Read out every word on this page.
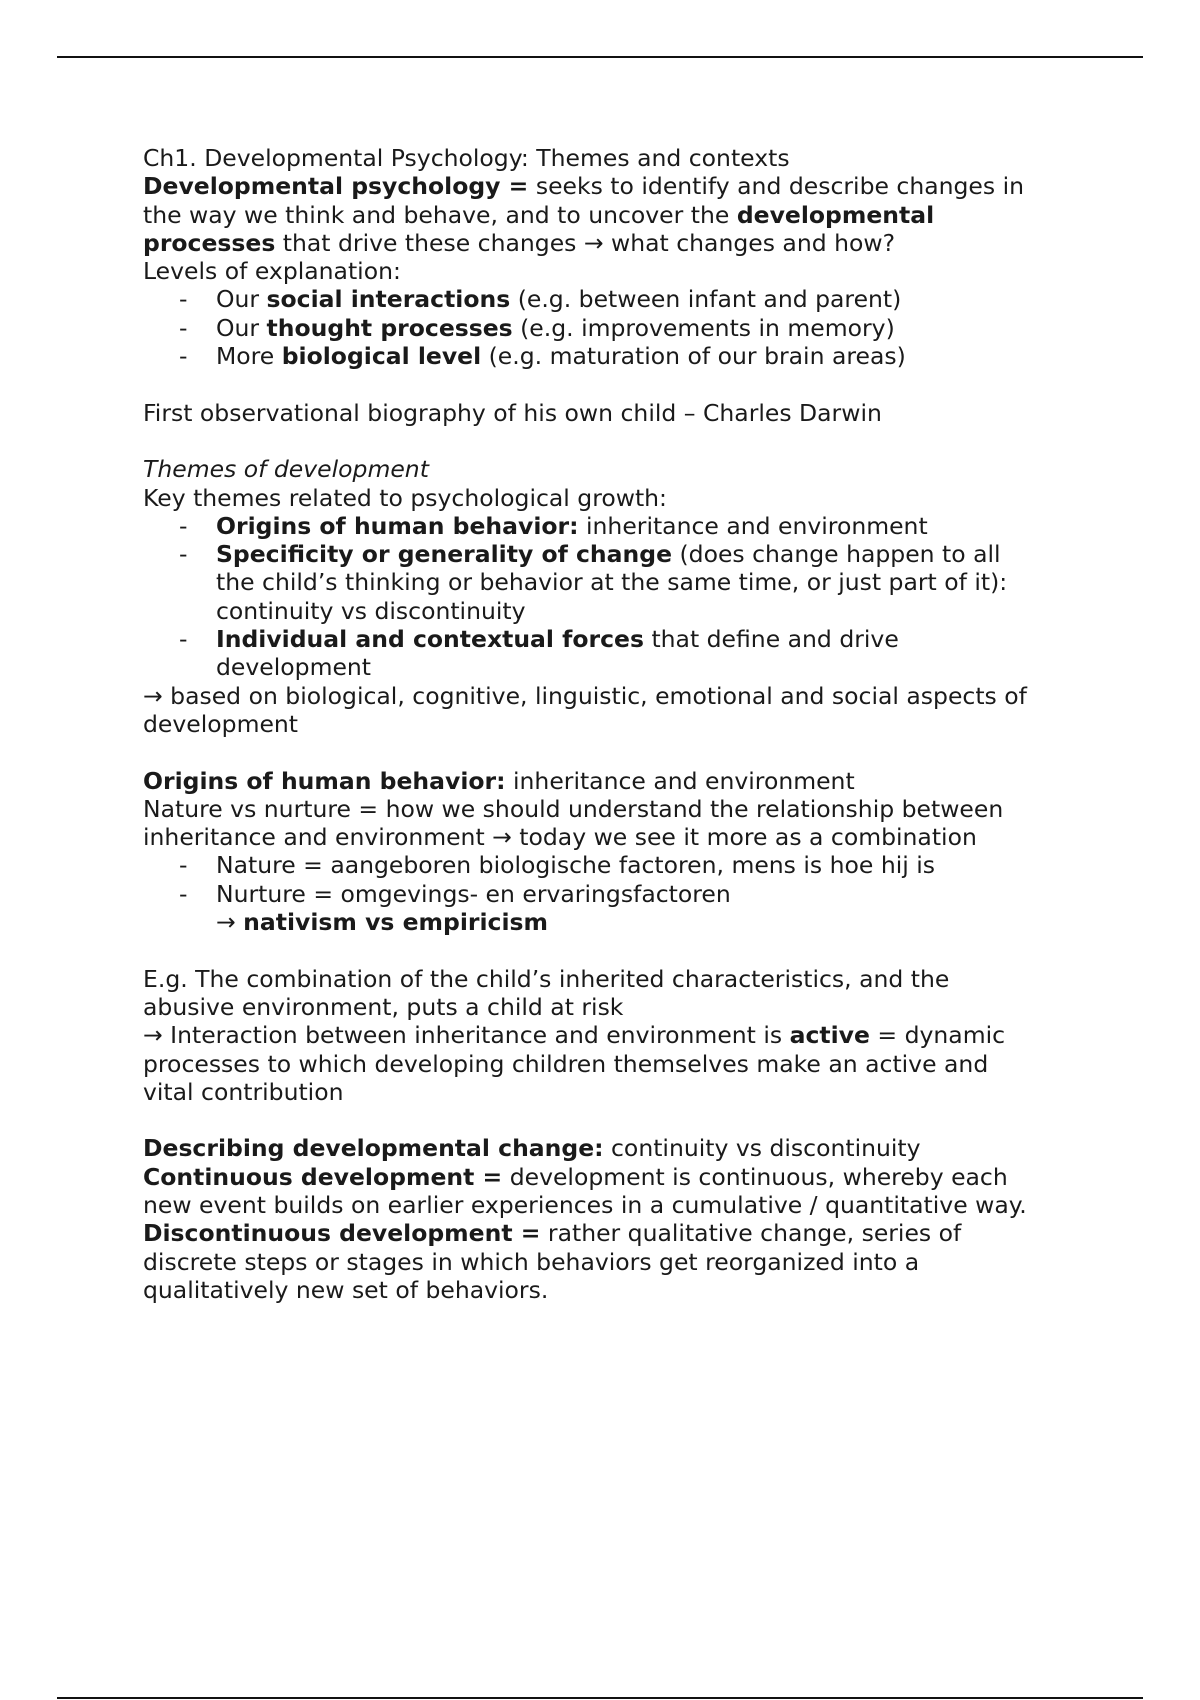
Ch1. Developmental Psychology: Themes and contexts
Developmental psychology = seeks to identify and describe changes in
the way we think and behave, and to uncover the developmental
processes that drive these changes → what changes and how?
Levels of explanation:
- Our social interactions (e.g. between infant and parent)
- Our thought processes (e.g. improvements in memory)
- More biological level (e.g. maturation of our brain areas)
First observational biography of his own child – Charles Darwin
Themes of development
Key themes related to psychological growth:
- Origins of human behavior: inheritance and environment
- Specificity or generality of change (does change happen to all
the child’s thinking or behavior at the same time, or just part of it):
continuity vs discontinuity
- Individual and contextual forces that define and drive
development
→ based on biological, cognitive, linguistic, emotional and social aspects of
development
Origins of human behavior: inheritance and environment
Nature vs nurture = how we should understand the relationship between
inheritance and environment → today we see it more as a combination
- Nature = aangeboren biologische factoren, mens is hoe hij is
- Nurture = omgevings- en ervaringsfactoren
→ nativism vs empiricism
E.g. The combination of the child’s inherited characteristics, and the
abusive environment, puts a child at risk
→ Interaction between inheritance and environment is active = dynamic
processes to which developing children themselves make an active and
vital contribution
Describing developmental change: continuity vs discontinuity
Continuous development = development is continuous, whereby each
new event builds on earlier experiences in a cumulative / quantitative way.
Discontinuous development = rather qualitative change, series of
discrete steps or stages in which behaviors get reorganized into a
qualitatively new set of behaviors.
